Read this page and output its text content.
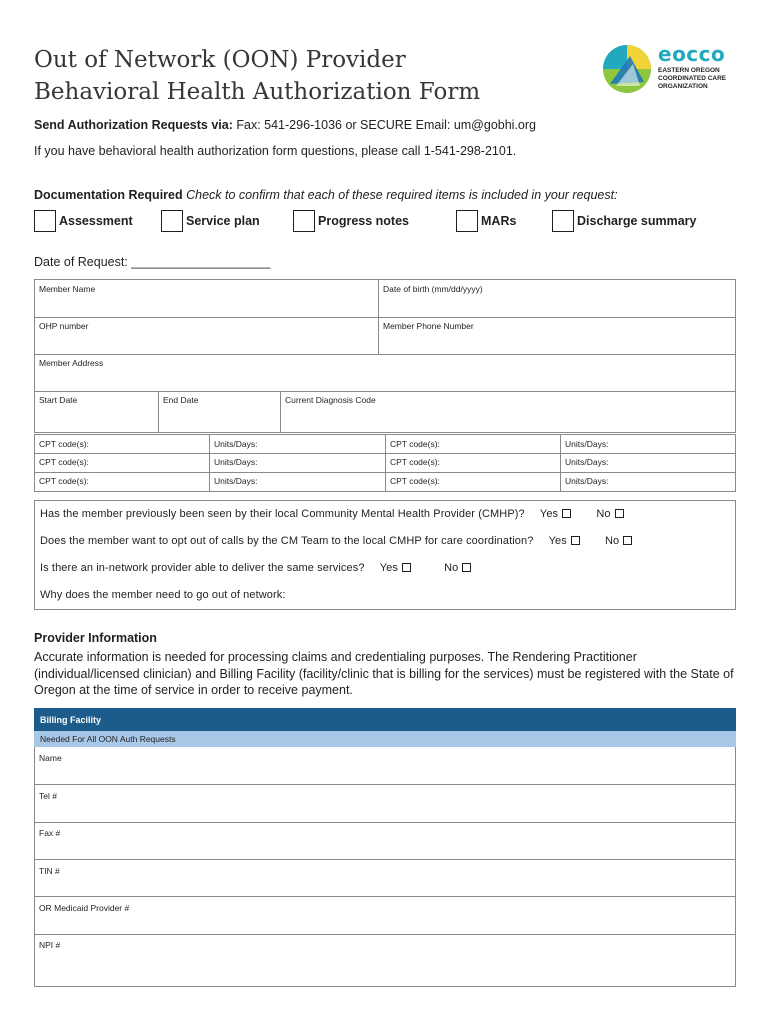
Out of Network (OON) Provider
Behavioral Health Authorization Form
eocco
EASTERN OREGON COORDINATED CARE ORGANIZATION
Send Authorization Requests via: Fax: 541-296-1036 or SECURE Email: um@gobhi.org
If you have behavioral health authorization form questions, please call 1-541-298-2101.
Documentation Required Check to confirm that each of these required items is included in your request:
Assessment	Service plan	Progress notes	MARs	Discharge summary
Date of Request: ____________________
Member Name	Date of birth (mm/dd/yyyy)
OHP number	Member Phone Number
Member Address
Start Date	End Date	Current Diagnosis Code
CPT code(s):	Units/Days:	CPT code(s):	Units/Days:
CPT code(s):	Units/Days:	CPT code(s):	Units/Days:
CPT code(s):	Units/Days:	CPT code(s):	Units/Days:
Has the member previously been seen by their local Community Mental Health Provider (CMHP)? Yes	No
Does the member want to opt out of calls by the CM Team to the local CMHP for care coordination? Yes	No
Is there an in-network provider able to deliver the same services? Yes	No
Why does the member need to go out of network:
Provider Information
Accurate information is needed for processing claims and credentialing purposes. The Rendering Practitioner (individual/licensed clinician) and Billing Facility (facility/clinic that is billing for the services) must be registered with the State of Oregon at the time of service in order to receive payment.
Billing Facility
Needed For All OON Auth Requests
Name
Tel #
Fax #
TIN #
OR Medicaid Provider #
NPI #
